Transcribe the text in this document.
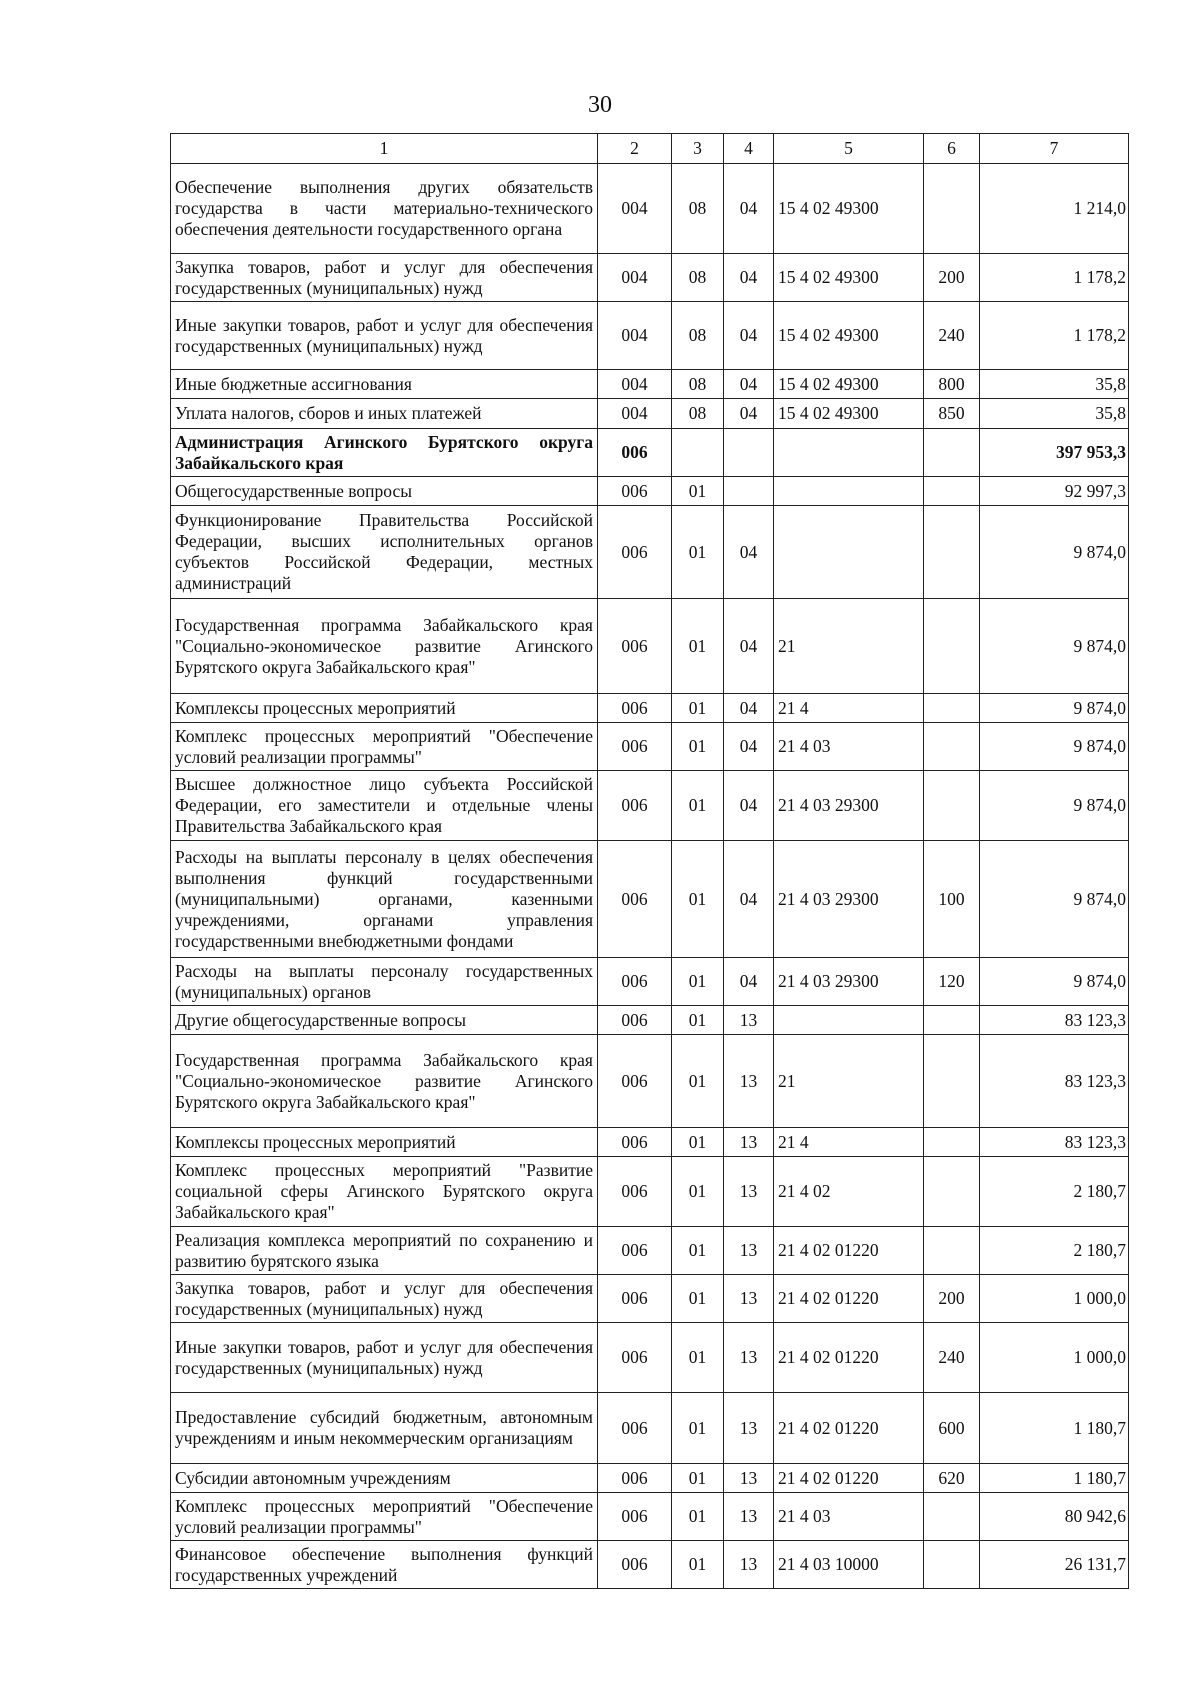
30
1	2	3	4	5	6	7
Обеспечение выполнения других обязательств государства в части материально-технического обеспечения деятельности государственного органа	004	08	04	15 4 02 49300		1 214,0
Закупка товаров, работ и услуг для обеспечения государственных (муниципальных) нужд	004	08	04	15 4 02 49300	200	1 178,2
Иные закупки товаров, работ и услуг для обеспечения государственных (муниципальных) нужд	004	08	04	15 4 02 49300	240	1 178,2
Иные бюджетные ассигнования	004	08	04	15 4 02 49300	800	35,8
Уплата налогов, сборов и иных платежей	004	08	04	15 4 02 49300	850	35,8
Администрация Агинского Бурятского округа Забайкальского края	006					397 953,3
Общегосударственные вопросы	006	01				92 997,3
Функционирование Правительства Российской Федерации, высших исполнительных органов субъектов Российской Федерации, местных администраций	006	01	04			9 874,0
Государственная программа Забайкальского края "Социально-экономическое развитие Агинского Бурятского округа Забайкальского края"	006	01	04	21		9 874,0
Комплексы процессных мероприятий	006	01	04	21 4		9 874,0
Комплекс процессных мероприятий "Обеспечение условий реализации программы"	006	01	04	21 4 03		9 874,0
Высшее должностное лицо субъекта Российской Федерации, его заместители и отдельные члены Правительства Забайкальского края	006	01	04	21 4 03 29300		9 874,0
Расходы на выплаты персоналу в целях обеспечения выполнения функций государственными (муниципальными) органами, казенными учреждениями, органами управления государственными внебюджетными фондами	006	01	04	21 4 03 29300	100	9 874,0
Расходы на выплаты персоналу государственных (муниципальных) органов	006	01	04	21 4 03 29300	120	9 874,0
Другие общегосударственные вопросы	006	01	13			83 123,3
Государственная программа Забайкальского края "Социально-экономическое развитие Агинского Бурятского округа Забайкальского края"	006	01	13	21		83 123,3
Комплексы процессных мероприятий	006	01	13	21 4		83 123,3
Комплекс процессных мероприятий "Развитие социальной сферы Агинского Бурятского округа Забайкальского края"	006	01	13	21 4 02		2 180,7
Реализация комплекса мероприятий по сохранению и развитию бурятского языка	006	01	13	21 4 02 01220		2 180,7
Закупка товаров, работ и услуг для обеспечения государственных (муниципальных) нужд	006	01	13	21 4 02 01220	200	1 000,0
Иные закупки товаров, работ и услуг для обеспечения государственных (муниципальных) нужд	006	01	13	21 4 02 01220	240	1 000,0
Предоставление субсидий бюджетным, автономным учреждениям и иным некоммерческим организациям	006	01	13	21 4 02 01220	600	1 180,7
Субсидии автономным учреждениям	006	01	13	21 4 02 01220	620	1 180,7
Комплекс процессных мероприятий "Обеспечение условий реализации программы"	006	01	13	21 4 03		80 942,6
Финансовое обеспечение выполнения функций государственных учреждений	006	01	13	21 4 03 10000		26 131,7
